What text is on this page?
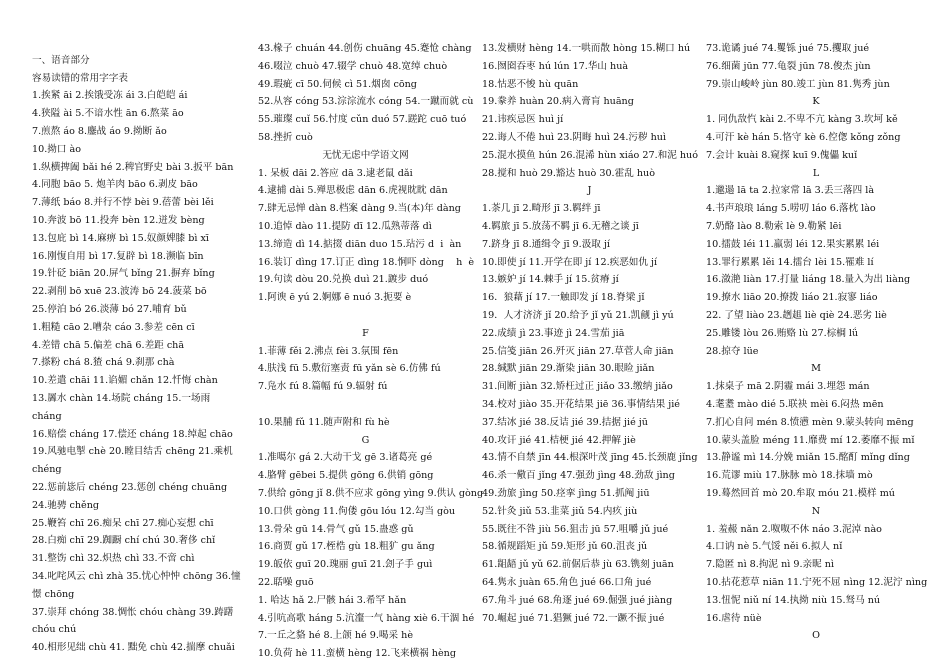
一、语音部分
容易读错的常用字字表
1.挨紧 āi 2.挨饿受冻 ái 3.白皑皑 ái
4.狭隘 ài 5.不谙水性 ān 6.熬菜 āo
7.煎熬 áo 8.鏖战 áo 9.拗断 ǎo
10.拗口 ào
1.纵横捭阖 bǎi hé 2.稗官野史 bài 3.扳平 bān
4.同胞 bāo 5. 炮羊肉 bāo 6.剥皮 bāo
7.薄纸 báo 8.并行不悖 bèi 9.蓓蕾 bèi lěi
10.奔波 bō 11.投奔 bèn 12.迸发 bèng
13.包庇 bì 14.麻痹 bì 15.奴颜婢膝 bì xī
16.刚愎自用 bì 17.复辟 bì 18.濒临 bīn
19.针砭 biān 20.屏气 bǐng 21.摒弃 bǐng
22.剥削 bō xuē 23.波涛 bō 24.菠菜 bō
25.停泊 bó 26.淡薄 bó 27.哺育 bǔ
1.粗糙 cāo 2.嘈杂 cáo 3.参差 cēn cī
4.差错 chā 5.偏差 chā 6.差距 chā
7.搽粉 chá 8.猹 chá 9.刹那 chà
10.差遣 chāi 11.谄媚 chǎn 12.忏悔 chàn
13.羼水 chàn 14.场院 cháng 15.一场雨 cháng
16.赔偿 cháng 17.偿还 cháng 18.绰起 chāo
19.风驰电掣 chè 20.瞠目结舌 chēng 21.乘机 chéng
22.惩前毖后 chéng 23.惩创 chéng chuāng 24.驰骋 chěng
25.鞭笞 chī 26.痴呆 chī 27.痴心妄想 chī
28.白痴 chī 29.踟蹰 chí chú 30.奢侈 chǐ
31.整饬 chì 32.炽热 chì 33.不啻 chì
34.叱咤风云 chì zhà 35.忧心忡忡 chōng 36.憧憬 chōng
37.崇拜 chóng 38.惆怅 chóu chàng 39.踌躇 chóu chú
40.相形见绌 chù 41. 黜免 chù 42.揣摩 chuǎi
43.椽子 chuán 44.创伤 chuāng 45.蹇怆 chàng
46.啜泣 chuò 47.辍学 chuò 48.宽绰 chuò
49.瑕疵 cī 50.伺候 cì 51.烟囱 cōng
52.从容 cóng 53.淙淙流水 cóng 54.一蹴而就 cù
55.璀璨 cuǐ 56.忖度 cǔn duó 57.蹉跎 cuō tuó
58.挫折 cuò
无忧无虑中学语文网
1. 呆板 dāi 2.答应 dā 3.逮老鼠 dǎi
4.逮捕 dài 5.殚思极虑 dān 6.虎视眈眈 dān
7.肆无忌惮 dàn 8.档案 dàng 9.当(本)年 dàng
10.追悼 dào 11.提防 dī 12.瓜熟蒂落 dì
13.缔造 dì 14.掂掇 diān duo 15.玷污 d  i  àn
16.装订 dìng 17.订正 dìng 18.恫吓 dòng    h  è
19.句读 dòu 20.兑换 duì 21.踱步 duó
1.阿谀 ē yú 2.婀娜 ē nuó 3.扼要 è

F
1.菲薄 fěi 2.沸点 fèi 3.氛围 fēn
4.肤浅 fū 5.敷衍塞责 fū yǎn sè 6.仿佛 fú
7.凫水 fú 8.篇幅 fú 9.辐射 fú

10.果脯 fǔ 11.随声附和 fù hè
G
1.准噶尔 gá 2.大动干戈 gē 3.诸葛亮 gé
4.胳臂 gēbei 5.提供 gōng 6.供销 gōng
7.供给 gōng jǐ 8.供不应求 gōng yìng 9.供认 gòng
10.口供 gòng 11.佝偻 gōu lóu 12.勾当 gòu
13.骨朵 gū 14.骨气 gǔ 15.蛊惑 gǔ
16.商贾 gǔ 17.桎梏 gù 18.粗犷 gu ǎng
19.皈依 guī 20.瑰丽 guī 21.刽子手 guì
22.聒噪 guō
1. 哈达 hǎ 2.尸骸 hái 3.希罕 hǎn
4.引吭高歌 háng 5.沆瀣一气 hàng xiè 6.干涸 hé
7.一丘之貉 hé 8.上颌 hé 9.喝采 hè
10.负荷 hè 11.蛮横 hèng 12.飞来横祸 hèng
13.发横财 hèng 14.一哄而散 hòng 15.糊口 hú
16.囫囵吞枣 hú lún 17.华山 huà
18.怙恶不悛 hù quān
19.豢养 huàn 20.病入膏肓 huāng
21.讳疾忌医 huì jí
22.诲人不倦 huì 23.阴晦 huì 24.污秽 huì
25.混水摸鱼 hún 26.混浠 hùn xiáo 27.和泥 huó
28.搅和 huò 29.豁达 huò 30.霍乱 huò
J
1.茶几 jī 2.畸形 jī 3.羁绊 jī
4.羁旅 jī 5.放荡不羁 jī 6.无稽之谈 jī
7.跻身 jī 8.通缉令 jī 9.汲取 jí
10.即使 jí 11.开学在即 jí 12.疾恶如仇 jí
13.嫉妒 jí 14.棘手 jí 15.贫瘠 jí
16．狼藉 jí 17.一触即发 jí 18.脊梁 jǐ
19．人才济济 jǐ 20.给予 jǐ yǔ 21.凯觎 jì yú
22.成绩 jì 23.事迹 jì 24.雪茄 jiā
25.信笺 jiān 26.歼灭 jiān 27.草菅人命 jiān
28.缄默 jiān 29.渐染 jiān 30.眼睑 jiǎn
31.间断 jiàn 32.矫枉过正 jiǎo 33.缴纳 jiǎo
34.校对 jiào 35.开花结果 jiē 36.事情结果 jié
37.结冰 jié 38.反诘 jié 39.拮据 jié jū
40.攻讦 jié 41.桔梗 jié 42.押解 jiè
43.情不自禁 jīn 44.根深叶茂 jīng 45.长颈鹿 jǐng
46.杀一儆百 jǐng 47.强劲 jìng 48.劲敌 jìng
49.劲旅 jìng 50.痉挛 jìng 51.抓阄 jiū
52.针灸 jiǔ 53.韭菜 jiǔ 54.内疚 jiù
55.既往不咎 jiù 56.狙击 jū 57.咀嚼 jǔ jué
58.循规蹈矩 jǔ 59.矩形 jǔ 60.沮丧 jǔ
61.龃龉 jǔ yǔ 62.前倨后恭 jù 63.镌刻 juān
64.隽永 juàn 65.角色 jué 66.口角 jué
67.角斗 jué 68.角逐 jué 69.倔强 jué jiàng
70.崛起 jué 71.猖獗 jué 72.一蹶不振 jué
73.诡谲 jué 74.矍铄 jué 75.攫取 jué
76.细菌 jūn 77.龟裂 jūn 78.俊杰 jùn
79.崇山峻岭 jùn 80.竣工 jùn 81.隽秀 jùn
K
1. 同仇敌忾 kài 2.不卑不亢 kàng 3.坎坷 kě
4.可汗 kè hán 5.恪守 kè 6.倥偬 kǒng zǒng
7.会计 kuài 8.窥探 kuī 9.傀儡 kuǐ
L
1.邋遢 lā ta 2.拉家常 lā 3.丢三落四 là
4.书声琅琅 láng 5.唠叨 láo 6.落枕 lào
7.奶酪 lào 8.勒索 lè 9.勒紧 lēi
10.擂鼓 léi 11.羸弱 léi 12.果实累累 léi
13.罪行累累 lěi 14.擂台 lèi 15.罹难 lí
16.潋滟 liàn 17.打量 liáng 18.量入为出 liàng
19.撩水 liāo 20.撩拨 liáo 21.寂寥 liáo
22. 了望 liào 23.趔趄 liè qiè 24.恶劣 liè
25.雕镂 lòu 26.贿赂 lù 27.棕榈 lǘ
28.掠夺 lüe
M
1.抹桌子 mā 2.阴霾 mái 3.埋怨 mán
4.耄耋 mào dié 5.联袂 mèi 6.闷热 mēn
7.扪心自问 mén 8.愤懑 mèn 9.蒙头转向 mēng
10.蒙头盖脸 méng 11.靡费 mí 12.萎靡不振 mǐ
13.静谧 mì 14.分娩 miǎn 15.酩酊 mǐng dǐng
16.荒谬 miù 17.脉脉 mò 18.抹墙 mò
19.蓦然回首 mò 20.牟取 móu 21.模样 mú
N
1. 羞赧 nǎn 2.呶呶不休 náo 3.泥淖 nào
4.口讷 nè 5.气馁 něi 6.拟人 nǐ
7.隐匿 nì 8.拘泥 nì 9.亲昵 nì
10.拈花惹草 niān 11.宁死不屈 nìng 12.泥泞 nìng
13.忸怩 niǔ ní 14.执拗 niù 15.驽马 nú
16.虐待 nüè
O
